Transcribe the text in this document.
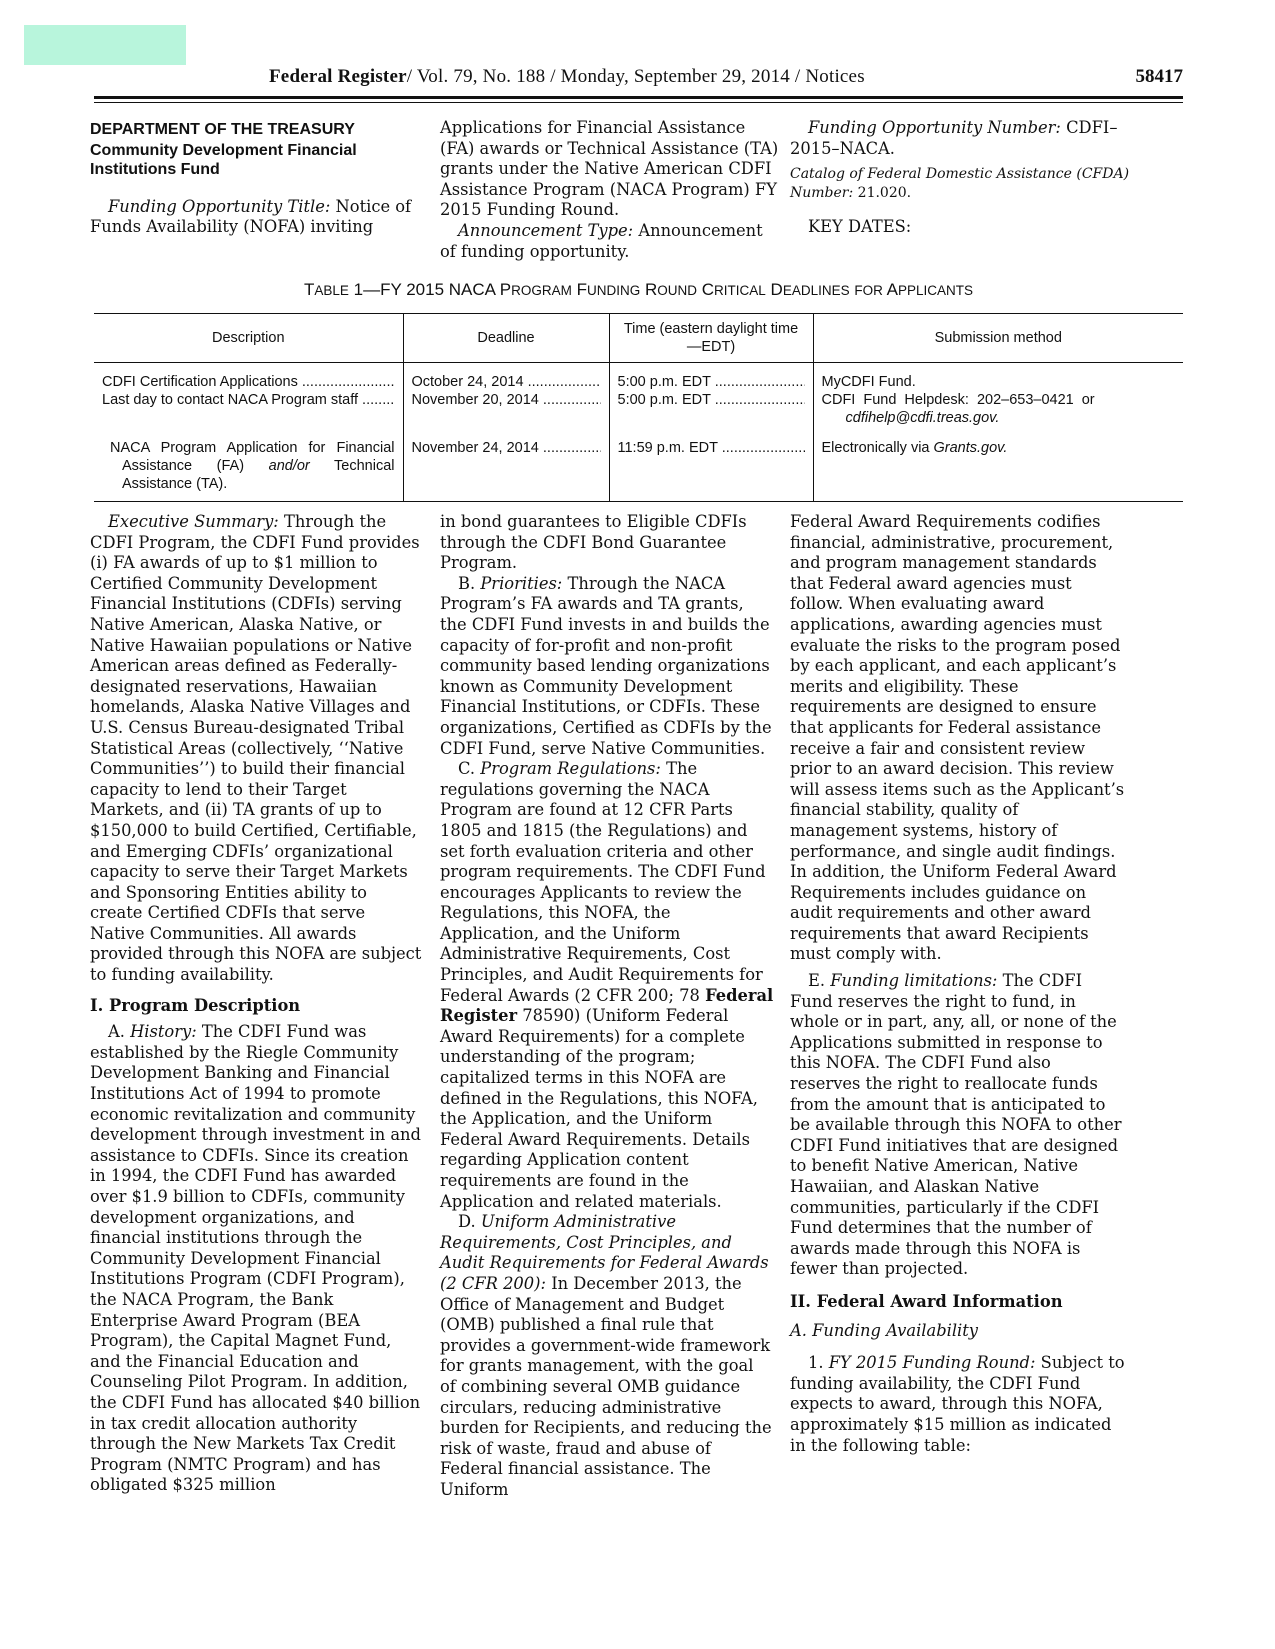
Federal Register/ Vol. 79, No. 188 / Monday, September 29, 2014 / Notices	58417

DEPARTMENT OF THE TREASURY

Community Development Financial Institutions Fund

Funding Opportunity Title: Notice of Funds Availability (NOFA) inviting

Funding Opportunity Number: CDFI–2015–NACA.

Catalog of Federal Domestic Assistance (CFDA) Number: 21.020.

KEY DATES:

TABLE 1—FY 2015 NACA PROGRAM FUNDING ROUND CRITICAL DEADLINES FOR APPLICANTS
Description	Deadline	Time (eastern daylight time—EDT)	Submission method

CDFI Certification Applications .....	October 24, 2014 .....	5:00 p.m. EDT .....	MyCDFI Fund.

Last day to contact NACA Program staff .....	November 20, 2014 .....	5:00 p.m. EDT .....	CDFI Fund Helpdesk: 202–653–0421 or
cdfihelp@cdfi.treas.gov.

NACA Program Application for Financial Assistance (FA) and/or Technical Assistance (TA).	November 24, 2014 .....	11:59 p.m. EDT .....	Electronically via Grants.gov.

Executive Summary: Through the CDFI Program, the CDFI Fund provides (i) FA awards of up to $1 million to Certified Community Development Financial Institutions (CDFIs) serving Native American, Alaska Native, or Native Hawaiian populations or Native American areas defined as Federally-designated reservations, Hawaiian homelands, Alaska Native Villages and U.S. Census Bureau-designated Tribal Statistical Areas (collectively, ‘‘Native Communities’’) to build their financial capacity to lend to their Target Markets, and (ii) TA grants of up to $150,000 to build Certified, Certifiable, and Emerging CDFIs’ organizational capacity to serve their Target Markets and Sponsoring Entities ability to create Certified CDFIs that serve Native Communities. All awards provided through this NOFA are subject to funding availability.

I. Program Description

A. History: The CDFI Fund was established by the Riegle Community Development Banking and Financial Institutions Act of 1994 to promote economic revitalization and community development through investment in and assistance to CDFIs. Since its creation in 1994, the CDFI Fund has awarded over $1.9 billion to CDFIs, community development organizations, and financial institutions through the Community Development Financial Institutions Program (CDFI Program), the NACA Program, the Bank Enterprise Award Program (BEA Program), the Capital Magnet Fund, and the Financial Education and Counseling Pilot Program. In addition, the CDFI Fund has allocated $40 billion in tax credit allocation authority through the New Markets Tax Credit Program (NMTC Program) and has obligated $325 million

in bond guarantees to Eligible CDFIs through the CDFI Bond Guarantee Program.

B. Priorities: Through the NACA Program’s FA awards and TA grants, the CDFI Fund invests in and builds the capacity of for-profit and non-profit community based lending organizations known as Community Development Financial Institutions, or CDFIs. These organizations, Certified as CDFIs by the CDFI Fund, serve Native Communities.

C. Program Regulations: The regulations governing the NACA Program are found at 12 CFR Parts 1805 and 1815 (the Regulations) and set forth evaluation criteria and other program requirements. The CDFI Fund encourages Applicants to review the Regulations, this NOFA, the Application, and the Uniform Administrative Requirements, Cost Principles, and Audit Requirements for Federal Awards (2 CFR 200; 78 Federal Register 78590) (Uniform Federal Award Requirements) for a complete understanding of the program; capitalized terms in this NOFA are defined in the Regulations, this NOFA, the Application, and the Uniform Federal Award Requirements. Details regarding Application content requirements are found in the Application and related materials.

D. Uniform Administrative Requirements, Cost Principles, and Audit Requirements for Federal Awards (2 CFR 200): In December 2013, the Office of Management and Budget (OMB) published a final rule that provides a government-wide framework for grants management, with the goal of combining several OMB guidance circulars, reducing administrative burden for Recipients, and reducing the risk of waste, fraud and abuse of Federal financial assistance. The Uniform

Federal Award Requirements codifies financial, administrative, procurement, and program management standards that Federal award agencies must follow. When evaluating award applications, awarding agencies must evaluate the risks to the program posed by each applicant, and each applicant’s merits and eligibility. These requirements are designed to ensure that applicants for Federal assistance receive a fair and consistent review prior to an award decision. This review will assess items such as the Applicant’s financial stability, quality of management systems, history of performance, and single audit findings. In addition, the Uniform Federal Award Requirements includes guidance on audit requirements and other award requirements that award Recipients must comply with.

E. Funding limitations: The CDFI Fund reserves the right to fund, in whole or in part, any, all, or none of the Applications submitted in response to this NOFA. The CDFI Fund also reserves the right to reallocate funds from the amount that is anticipated to be available through this NOFA to other CDFI Fund initiatives that are designed to benefit Native American, Native Hawaiian, and Alaskan Native communities, particularly if the CDFI Fund determines that the number of awards made through this NOFA is fewer than projected.

II. Federal Award Information

A. Funding Availability

1. FY 2015 Funding Round: Subject to funding availability, the CDFI Fund expects to award, through this NOFA, approximately $15 million as indicated in the following table:

Applications for Financial Assistance (FA) awards or Technical Assistance (TA) grants under the Native American CDFI Assistance Program (NACA Program) FY 2015 Funding Round.

Announcement Type: Announcement of funding opportunity.
